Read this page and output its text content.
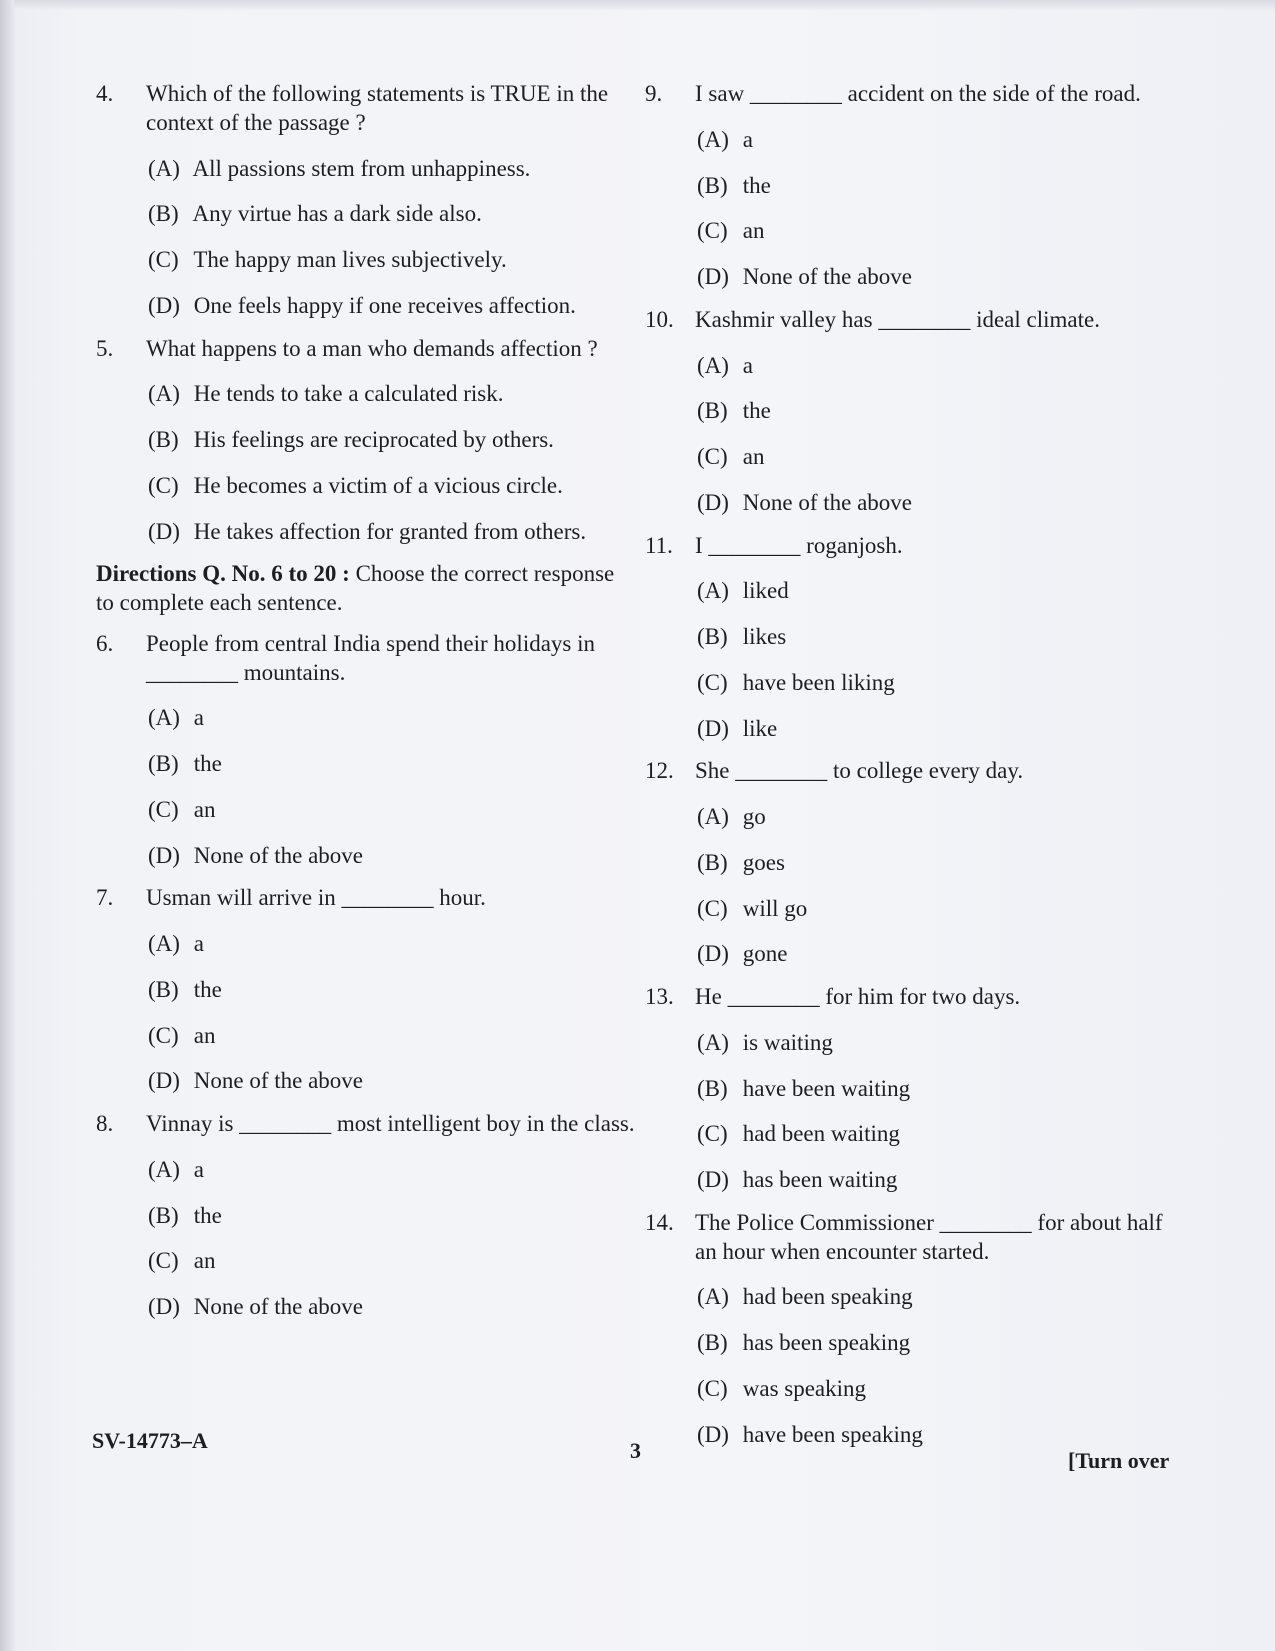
4. Which of the following statements is TRUE in the context of the passage ?
(A) All passions stem from unhappiness.
(B) Any virtue has a dark side also.
(C) The happy man lives subjectively.
(D) One feels happy if one receives affection.
5. What happens to a man who demands affection ?
(A) He tends to take a calculated risk.
(B) His feelings are reciprocated by others.
(C) He becomes a victim of a vicious circle.
(D) He takes affection for granted from others.
Directions Q. No. 6 to 20 : Choose the correct response to complete each sentence.
6. People from central India spend their holidays in ________ mountains.
(A) a
(B) the
(C) an
(D) None of the above
7. Usman will arrive in ________ hour.
(A) a
(B) the
(C) an
(D) None of the above
8. Vinnay is ________ most intelligent boy in the class.
(A) a
(B) the
(C) an
(D) None of the above
9. I saw ________ accident on the side of the road.
(A) a
(B) the
(C) an
(D) None of the above
10. Kashmir valley has ________ ideal climate.
(A) a
(B) the
(C) an
(D) None of the above
11. I ________ roganjosh.
(A) liked
(B) likes
(C) have been liking
(D) like
12. She ________ to college every day.
(A) go
(B) goes
(C) will go
(D) gone
13. He ________ for him for two days.
(A) is waiting
(B) have been waiting
(C) had been waiting
(D) has been waiting
14. The Police Commissioner ________ for about half an hour when encounter started.
(A) had been speaking
(B) has been speaking
(C) was speaking
(D) have been speaking
SV-14773–A	3	[Turn over
